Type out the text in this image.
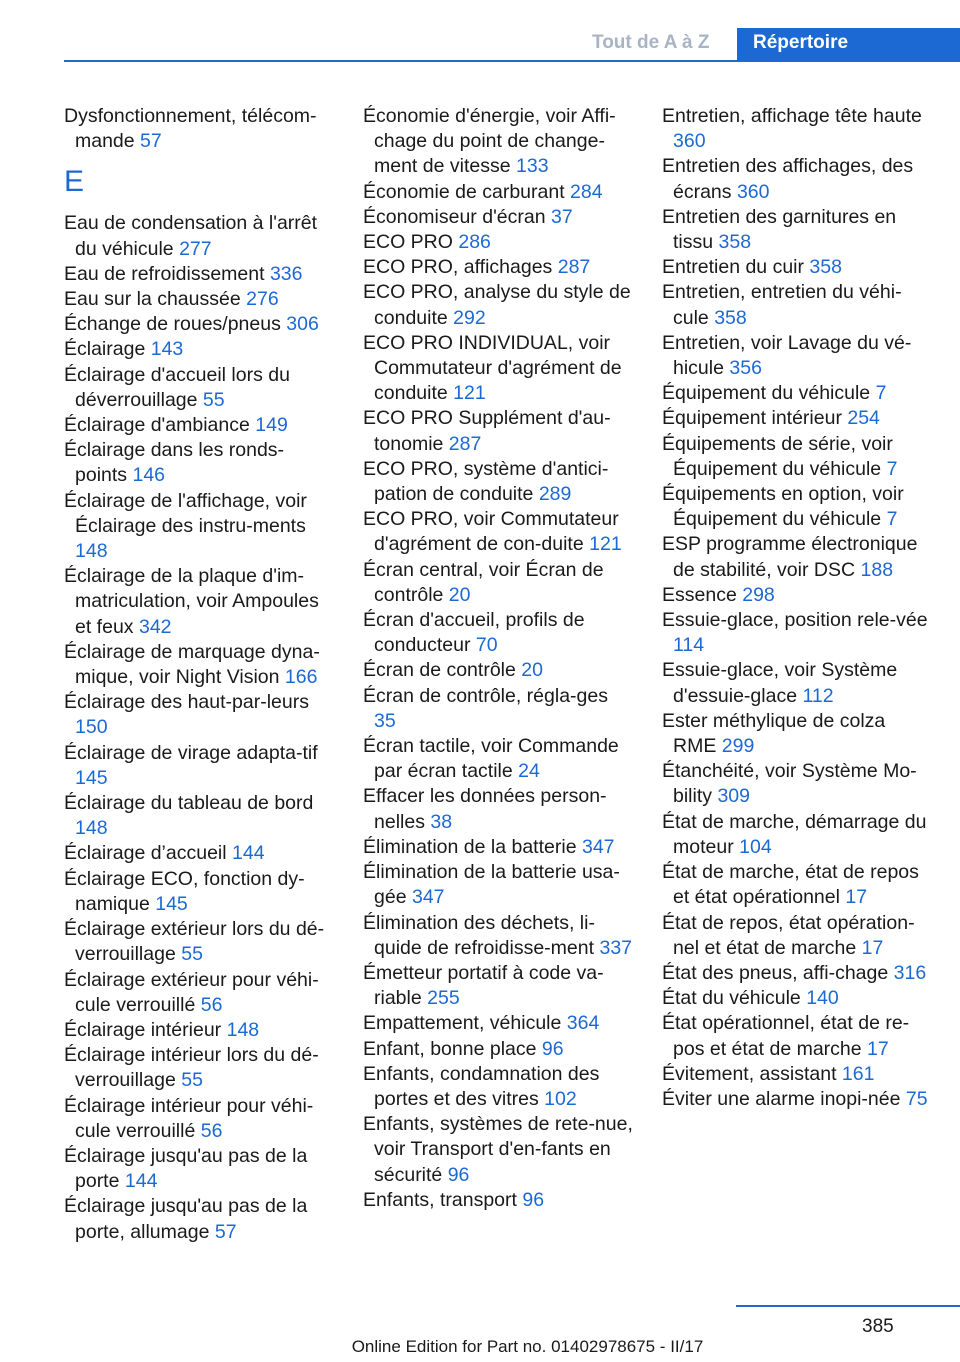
Tout de A à Z	Répertoire
Dysfonctionnement, télécom-mande 57
E
Eau de condensation à l'arrêt du véhicule 277
Eau de refroidissement 336
Eau sur la chaussée 276
Échange de roues/pneus 306
Éclairage 143
Éclairage d'accueil lors du déverrouillage 55
Éclairage d'ambiance 149
Éclairage dans les ronds-points 146
Éclairage de l'affichage, voir Éclairage des instru-ments 148
Éclairage de la plaque d'im-matriculation, voir Ampoules et feux 342
Éclairage de marquage dyna-mique, voir Night Vision 166
Éclairage des haut-par-leurs 150
Éclairage de virage adapta-tif 145
Éclairage du tableau de bord 148
Éclairage d’accueil 144
Éclairage ECO, fonction dy-namique 145
Éclairage extérieur lors du dé-verrouillage 55
Éclairage extérieur pour véhi-cule verrouillé 56
Éclairage intérieur 148
Éclairage intérieur lors du dé-verrouillage 55
Éclairage intérieur pour véhi-cule verrouillé 56
Éclairage jusqu'au pas de la porte 144
Éclairage jusqu'au pas de la porte, allumage 57
Économie d'énergie, voir Affi-chage du point de change-ment de vitesse 133
Économie de carburant 284
Économiseur d'écran 37
ECO PRO 286
ECO PRO, affichages 287
ECO PRO, analyse du style de conduite 292
ECO PRO INDIVIDUAL, voir Commutateur d'agrément de conduite 121
ECO PRO Supplément d'au-tonomie 287
ECO PRO, système d'antici-pation de conduite 289
ECO PRO, voir Commutateur d'agrément de con-duite 121
Écran central, voir Écran de contrôle 20
Écran d'accueil, profils de conducteur 70
Écran de contrôle 20
Écran de contrôle, régla-ges 35
Écran tactile, voir Commande par écran tactile 24
Effacer les données person-nelles 38
Élimination de la batterie 347
Élimination de la batterie usa-gée 347
Élimination des déchets, li-quide de refroidisse-ment 337
Émetteur portatif à code va-riable 255
Empattement, véhicule 364
Enfant, bonne place 96
Enfants, condamnation des portes et des vitres 102
Enfants, systèmes de rete-nue, voir Transport d'en-fants en sécurité 96
Enfants, transport 96
Entretien, affichage tête haute 360
Entretien des affichages, des écrans 360
Entretien des garnitures en tissu 358
Entretien du cuir 358
Entretien, entretien du véhi-cule 358
Entretien, voir Lavage du vé-hicule 356
Équipement du véhicule 7
Équipement intérieur 254
Équipements de série, voir Équipement du véhicule 7
Équipements en option, voir Équipement du véhicule 7
ESP programme électronique de stabilité, voir DSC 188
Essence 298
Essuie-glace, position rele-vée 114
Essuie-glace, voir Système d'essuie-glace 112
Ester méthylique de colza RME 299
Étanchéité, voir Système Mo-bility 309
État de marche, démarrage du moteur 104
État de marche, état de repos et état opérationnel 17
État de repos, état opération-nel et état de marche 17
État des pneus, affi-chage 316
État du véhicule 140
État opérationnel, état de re-pos et état de marche 17
Évitement, assistant 161
Éviter une alarme inopi-née 75
385
Online Edition for Part no. 01402978675 - II/17
